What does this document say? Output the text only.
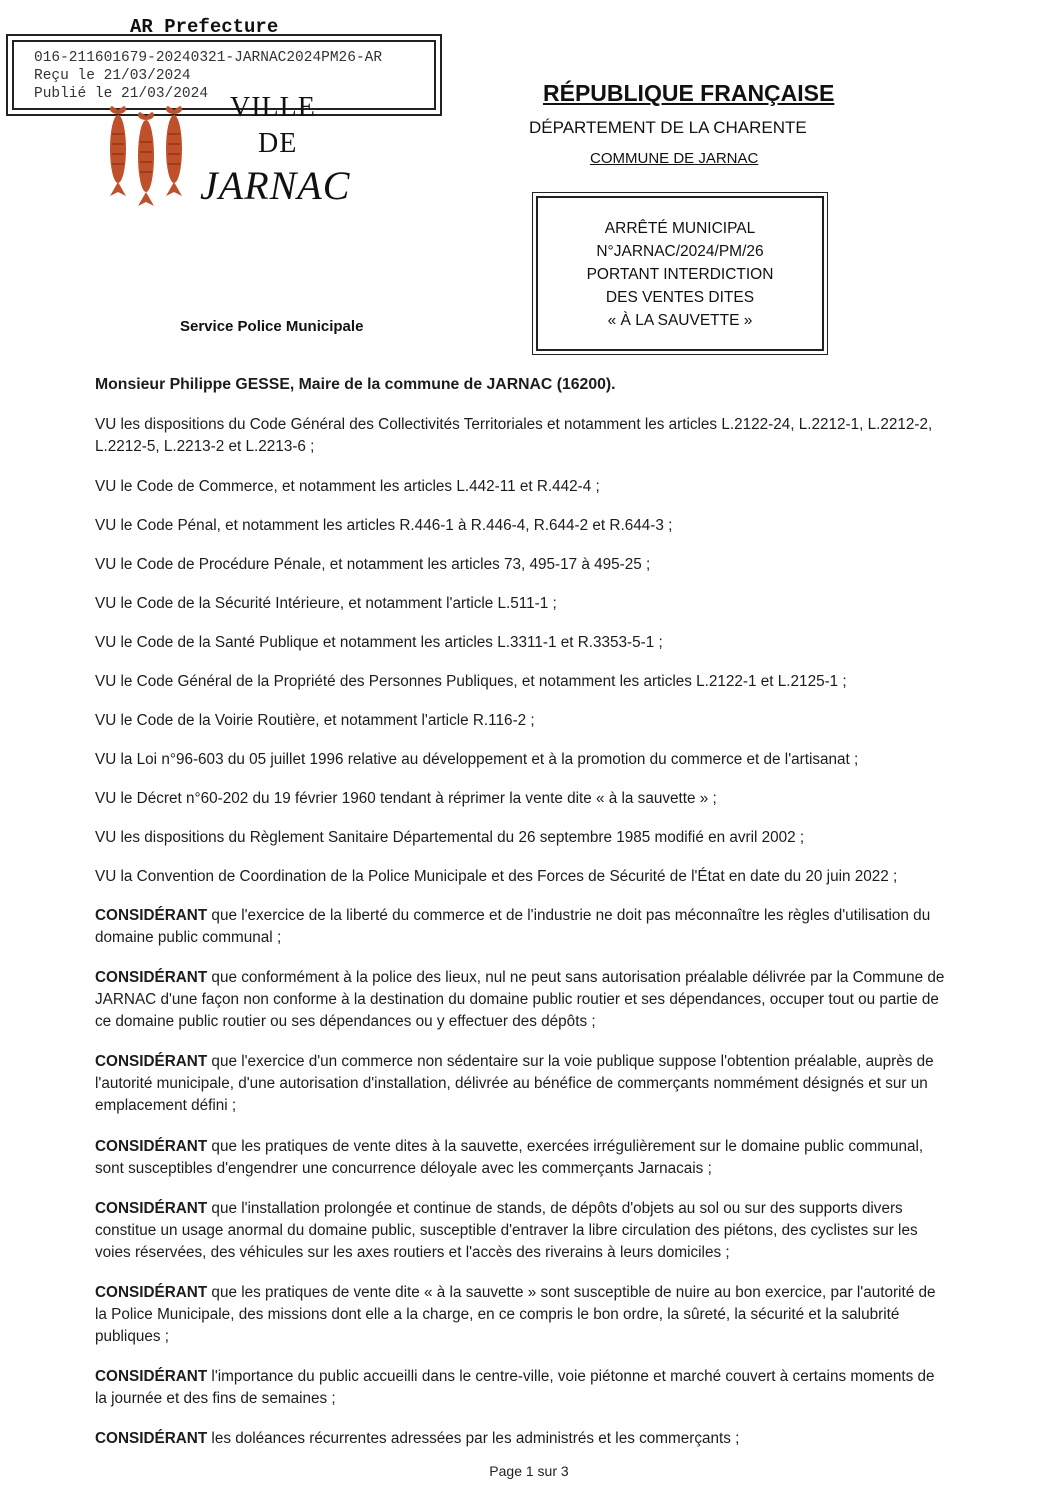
AR Prefecture
016-211601679-20240321-JARNAC2024PM26-AR
Reçu le 21/03/2024
Publié le 21/03/2024 VILLE
DE
JARNAC
RÉPUBLIQUE FRANÇAISE
DÉPARTEMENT DE LA CHARENTE
COMMUNE DE JARNAC
ARRÊTÉ MUNICIPAL
N°JARNAC/2024/PM/26
PORTANT INTERDICTION
DES VENTES DITES
« À LA SAUVETTE »
Service Police Municipale
Monsieur Philippe GESSE, Maire de la commune de JARNAC (16200).
VU les dispositions du Code Général des Collectivités Territoriales et notamment les articles L.2122-24, L.2212-1, L.2212-2, L.2212-5, L.2213-2 et L.2213-6 ;
VU le Code de Commerce, et notamment les articles L.442-11 et R.442-4 ;
VU le Code Pénal, et notamment les articles R.446-1 à R.446-4, R.644-2 et R.644-3 ;
VU le Code de Procédure Pénale, et notamment les articles 73, 495-17 à 495-25 ;
VU le Code de la Sécurité Intérieure, et notamment l'article L.511-1 ;
VU le Code de la Santé Publique et notamment les articles L.3311-1 et R.3353-5-1 ;
VU le Code Général de la Propriété des Personnes Publiques, et notamment les articles L.2122-1 et L.2125-1 ;
VU le Code de la Voirie Routière, et notamment l'article R.116-2 ;
VU la Loi n°96-603 du 05 juillet 1996 relative au développement et à la promotion du commerce et de l'artisanat ;
VU le Décret n°60-202 du 19 février 1960 tendant à réprimer la vente dite « à la sauvette » ;
VU les dispositions du Règlement Sanitaire Départemental du 26 septembre 1985 modifié en avril 2002 ;
VU la Convention de Coordination de la Police Municipale et des Forces de Sécurité de l'État en date du 20 juin 2022 ;
CONSIDÉRANT que l'exercice de la liberté du commerce et de l'industrie ne doit pas méconnaître les règles d'utilisation du domaine public communal ;
CONSIDÉRANT que conformément à la police des lieux, nul ne peut sans autorisation préalable délivrée par la Commune de JARNAC d'une façon non conforme à la destination du domaine public routier et ses dépendances, occuper tout ou partie de ce domaine public routier ou ses dépendances ou y effectuer des dépôts ;
CONSIDÉRANT que l'exercice d'un commerce non sédentaire sur la voie publique suppose l'obtention préalable, auprès de l'autorité municipale, d'une autorisation d'installation, délivrée au bénéfice de commerçants nommément désignés et sur un emplacement défini ;
CONSIDÉRANT que les pratiques de vente dites à la sauvette, exercées irrégulièrement sur le domaine public communal, sont susceptibles d'engendrer une concurrence déloyale avec les commerçants Jarnacais ;
CONSIDÉRANT que l'installation prolongée et continue de stands, de dépôts d'objets au sol ou sur des supports divers constitue un usage anormal du domaine public, susceptible d'entraver la libre circulation des piétons, des cyclistes sur les voies réservées, des véhicules sur les axes routiers et l'accès des riverains à leurs domiciles ;
CONSIDÉRANT que les pratiques de vente dite « à la sauvette » sont susceptible de nuire au bon exercice, par l'autorité de la Police Municipale, des missions dont elle a la charge, en ce compris le bon ordre, la sûreté, la sécurité et la salubrité publiques ;
CONSIDÉRANT l'importance du public accueilli dans le centre-ville, voie piétonne et marché couvert à certains moments de la journée et des fins de semaines ;
CONSIDÉRANT les doléances récurrentes adressées par les administrés et les commerçants ;
Page 1 sur 3
